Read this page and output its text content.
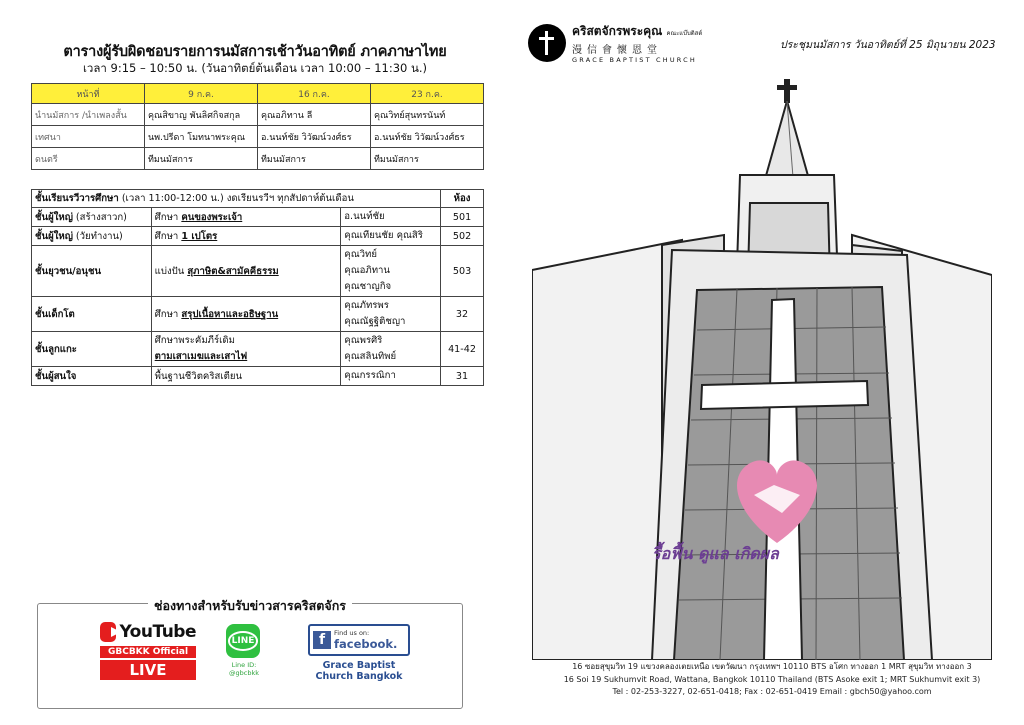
ตารางผู้รับผิดชอบรายการนมัสการเช้าวันอาทิตย์ ภาคภาษาไทย
เวลา 9:15 – 10:50 น. (วันอาทิตย์ต้นเดือน เวลา 10:00 – 11:30 น.)
หน้าที่	9 ก.ค.	16 ก.ค.	23 ก.ค.
นำนมัสการ /นำเพลงสั้น	คุณสิขาญ พันลิศกิจสกุล	คุณอภิทาน ลี	คุณวิทย์สุนทรนันท์
เทศนา	นพ.ปรีดา โมทนาพระคุณ	อ.นนท์ชัย วิวัฒน์วงศ์ธร	อ.นนท์ชัย วิวัฒน์วงศ์ธร
ดนตรี	ทีมนมัสการ	ทีมนมัสการ	ทีมนมัสการ
ชั้นเรียนรวีวารศึกษา (เวลา 11:00-12:00 น.) งดเรียนรวีฯ ทุกสัปดาห์ต้นเดือน			ห้อง
ชั้นผู้ใหญ่ (สร้างสาวก)	ศึกษา คนของพระเจ้า	อ.นนท์ชัย	501
ชั้นผู้ใหญ่ (วัยทำงาน)	ศึกษา 1 เปโตร	คุณเทียนชัย คุณสิริ	502
ชั้นยุวชน/อนุชน	แบ่งปัน สุภาษิต&สามัคคีธรรม	คุณวิทย์
คุณอภิทาน
คุณชาญกิจ	503
ชั้นเด็กโต	ศึกษา สรุปเนื้อหาและอธิษฐาน	คุณภัทรพร
คุณณัฐฐิติชญา	32
ชั้นลูกแกะ	ศึกษาพระคัมภีร์เดิม
ตามเสาเมฆและเสาไฟ	คุณพรศิริ
คุณสลินทิพย์	41-42
ชั้นผู้สนใจ	พื้นฐานชีวิตคริสเตียน	คุณกรรณิกา	31
ช่องทางสำหรับรับข่าวสารคริสตจักร
YouTube
GBCBKK Official
LIVE
LINE
Line ID:
@gbcbkk
f	Find us on:
facebook.
Grace Baptist
Church Bangkok
คริสตจักรพระคุณ คณะแบ๊บติสต์
漫信會懷恩堂
GRACE BAPTIST CHURCH
ประชุมนมัสการ วันอาทิตย์ที่ 25 มิถุนายน 2023
รื้อฟื้น ดูแล เกิดผล
16 ซอยสุขุมวิท 19 แขวงคลองเตยเหนือ เขตวัฒนา กรุงเทพฯ 10110 BTS อโศก ทางออก 1 MRT สุขุมวิท ทางออก 3
16 Soi 19 Sukhumvit Road, Wattana, Bangkok 10110 Thailand (BTS Asoke exit 1; MRT Sukhumvit exit 3)
Tel : 02-253-3227, 02-651-0418; Fax : 02-651-0419 Email : gbch50@yahoo.com
